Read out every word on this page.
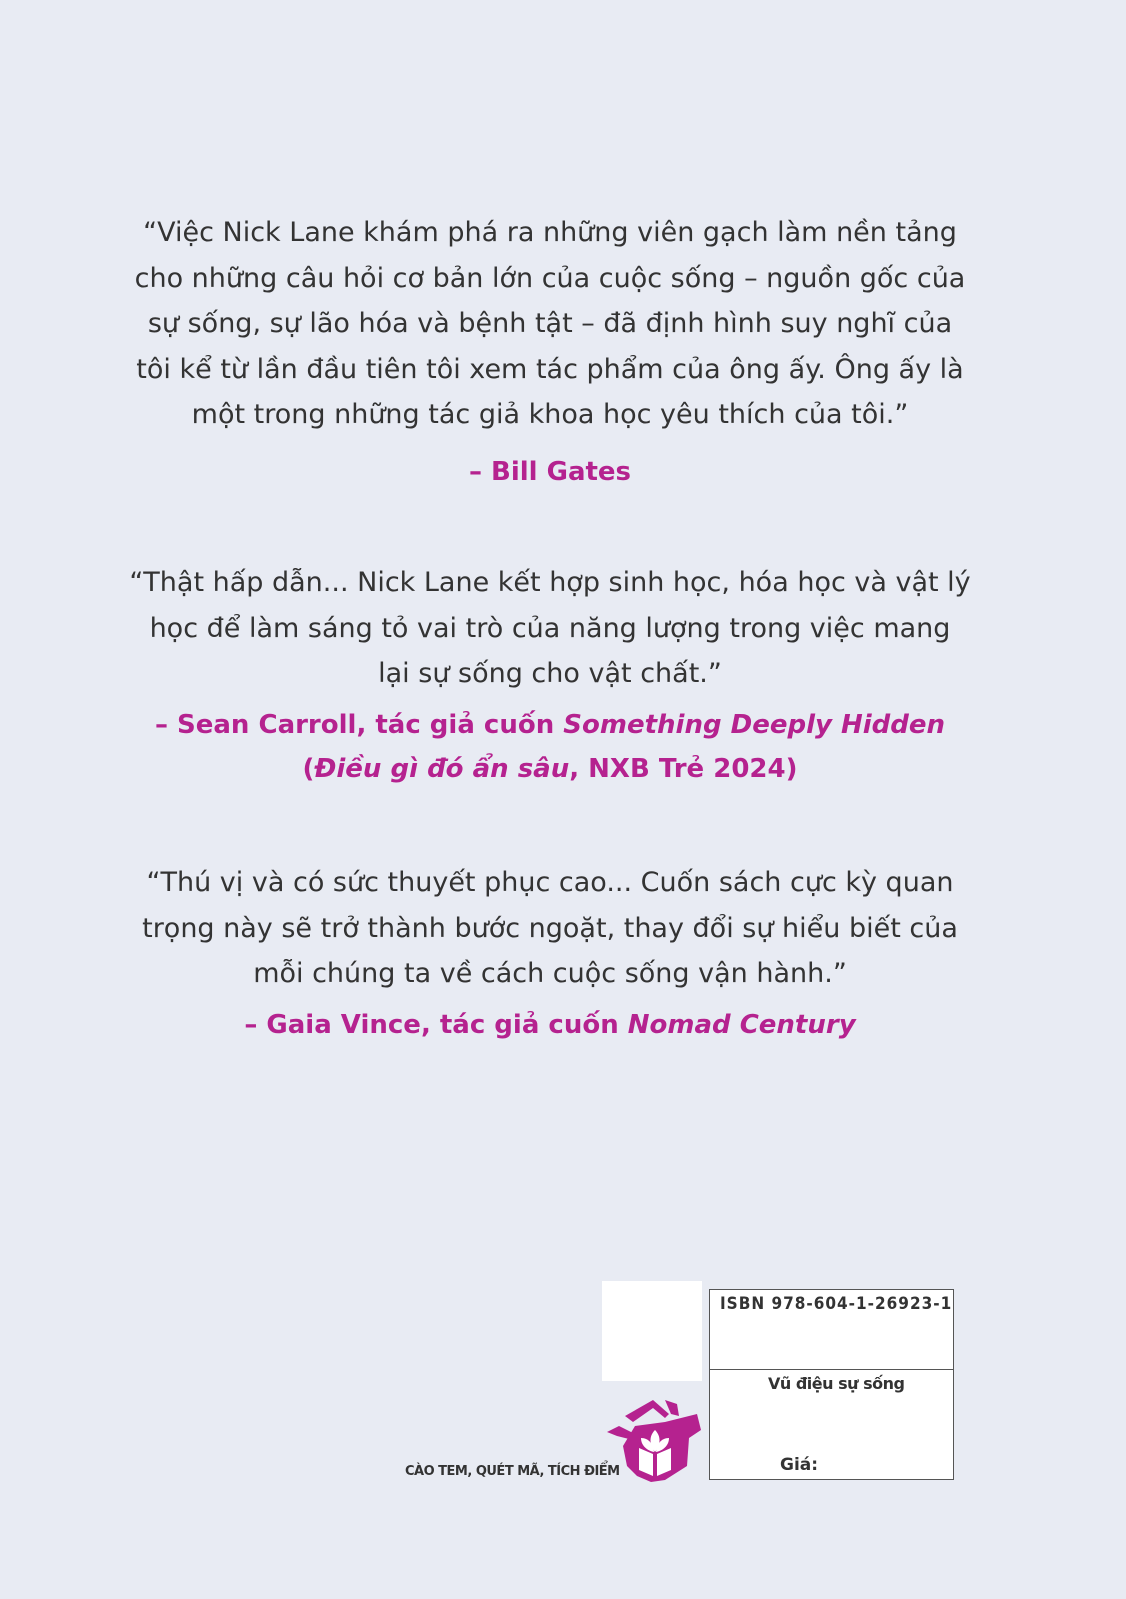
“Việc Nick Lane khám phá ra những viên gạch làm nền tảng
cho những câu hỏi cơ bản lớn của cuộc sống – nguồn gốc của
sự sống, sự lão hóa và bệnh tật – đã định hình suy nghĩ của
tôi kể từ lần đầu tiên tôi xem tác phẩm của ông ấy. Ông ấy là
một trong những tác giả khoa học yêu thích của tôi.”

– Bill Gates

“Thật hấp dẫn... Nick Lane kết hợp sinh học, hóa học và vật lý
học để làm sáng tỏ vai trò của năng lượng trong việc mang
lại sự sống cho vật chất.”

– Sean Carroll, tác giả cuốn Something Deeply Hidden
(Điều gì đó ẩn sâu, NXB Trẻ 2024)

“Thú vị và có sức thuyết phục cao... Cuốn sách cực kỳ quan
trọng này sẽ trở thành bước ngoặt, thay đổi sự hiểu biết của
mỗi chúng ta về cách cuộc sống vận hành.”

– Gaia Vince, tác giả cuốn Nomad Century

ISBN 978-604-1-26923-1
Vũ điệu sự sống
Giá:
CÀO TEM, QUÉT MÃ, TÍCH ĐIỂM
